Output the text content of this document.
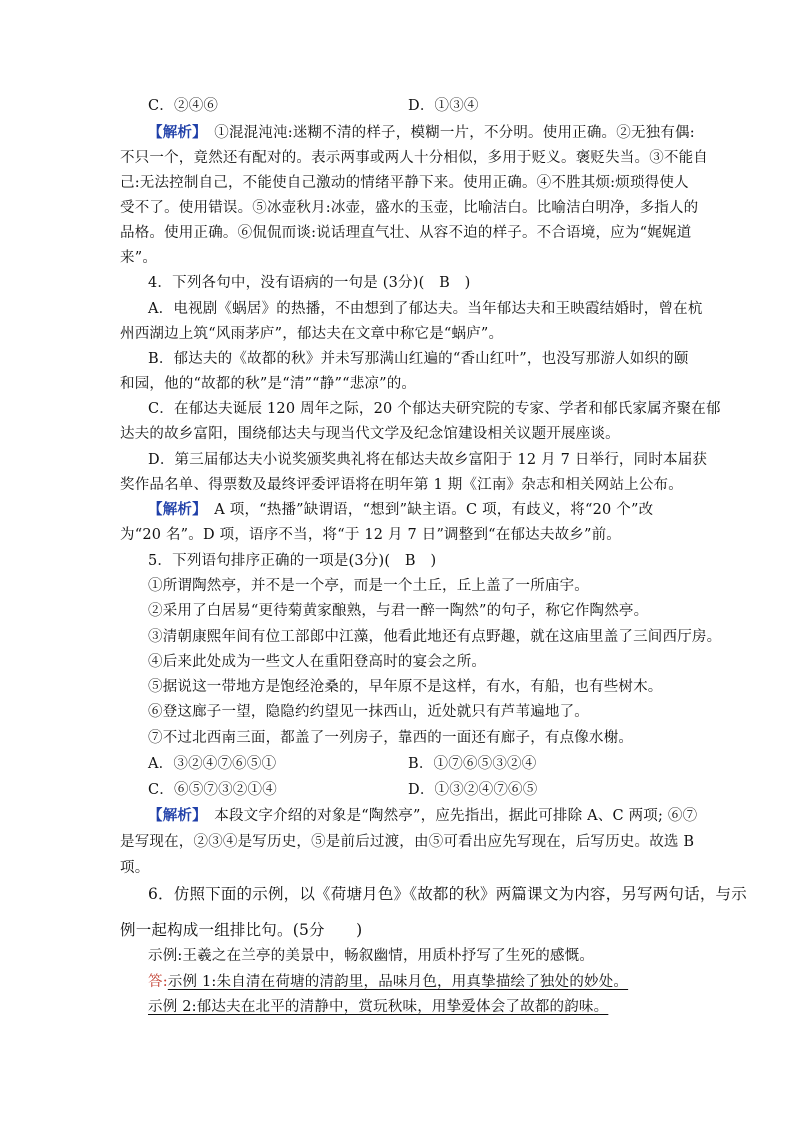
C．②④⑥	D．①③④
【解析】　 ①混混沌沌:迷糊不清的样子，模糊一片，不分明。使用正确。②无独有偶:
不只一个，竟然还有配对的。表示两事或两人十分相似，多用于贬义。褒贬失当。③不能自
己:无法控制自己，不能使自己激动的情绪平静下来。使用正确。④不胜其烦:烦琐得使人
受不了。使用错误。⑤冰壶秋月:冰壶，盛水的玉壶，比喻洁白。比喻洁白明净，多指人的
品格。使用正确。⑥侃侃而谈:说话理直气壮、从容不迫的样子。不合语境，应为“娓娓道
来”。
4．下列各句中，没有语病的一句是 (3分)(　B　)
A．电视剧《蜗居》的热播，不由想到了郁达夫。当年郁达夫和王映霞结婚时，曾在杭
州西湖边上筑“风雨茅庐”，郁达夫在文章中称它是“蜗庐”。
B．郁达夫的《故都的秋》并未写那满山红遍的“香山红叶”，也没写那游人如织的颐
和园，他的“故都的秋”是“清”“静”“悲凉”的。
C．在郁达夫诞辰 120 周年之际，20 个郁达夫研究院的专家、学者和郁氏家属齐聚在郁
达夫的故乡富阳，围绕郁达夫与现当代文学及纪念馆建设相关议题开展座谈。
D．第三届郁达夫小说奖颁奖典礼将在郁达夫故乡富阳于 12 月 7 日举行，同时本届获
奖作品名单、得票数及最终评委评语将在明年第 1 期《江南》杂志和相关网站上公布。
【解析】　 A 项，“热播”缺谓语，“想到”缺主语。C 项，有歧义，将“20 个”改
为“20 名”。D 项，语序不当，将“于 12 月 7 日”调整到“在郁达夫故乡”前。
5．下列语句排序正确的一项是(3分)(　B　)
①所谓陶然亭，并不是一个亭，而是一个土丘，丘上盖了一所庙宇。
②采用了白居易“更待菊黄家酿熟，与君一醉一陶然”的句子，称它作陶然亭。
③清朝康熙年间有位工部郎中江藻，他看此地还有点野趣，就在这庙里盖了三间西厅房。
④后来此处成为一些文人在重阳登高时的宴会之所。
⑤据说这一带地方是饱经沧桑的，早年原不是这样，有水，有船，也有些树木。
⑥登这廊子一望，隐隐约约望见一抹西山，近处就只有芦苇遍地了。
⑦不过北西南三面，都盖了一列房子，靠西的一面还有廊子，有点像水榭。
A．③②④⑦⑥⑤①	B．①⑦⑥⑤③②④
C．⑥⑤⑦③②①④	D．①③②④⑦⑥⑤
【解析】　 本段文字介绍的对象是“陶然亭”，应先指出，据此可排除 A、C 两项; ⑥⑦
是写现在，②③④是写历史，⑤是前后过渡，由⑤可看出应先写现在，后写历史。故选 B
项。
6．仿照下面的示例，以《荷塘月色》《故都的秋》两篇课文为内容，另写两句话，与示
例一起构成一组排比句。(5分　　)
示例:王羲之在兰亭的美景中，畅叙幽情，用质朴抒写了生死的感慨。
答:示例 1:朱自清在荷塘的清韵里，品味月色，用真挚描绘了独处的妙处。
示例 2:郁达夫在北平的清静中，赏玩秋味，用挚爱体会了故都的韵味。
